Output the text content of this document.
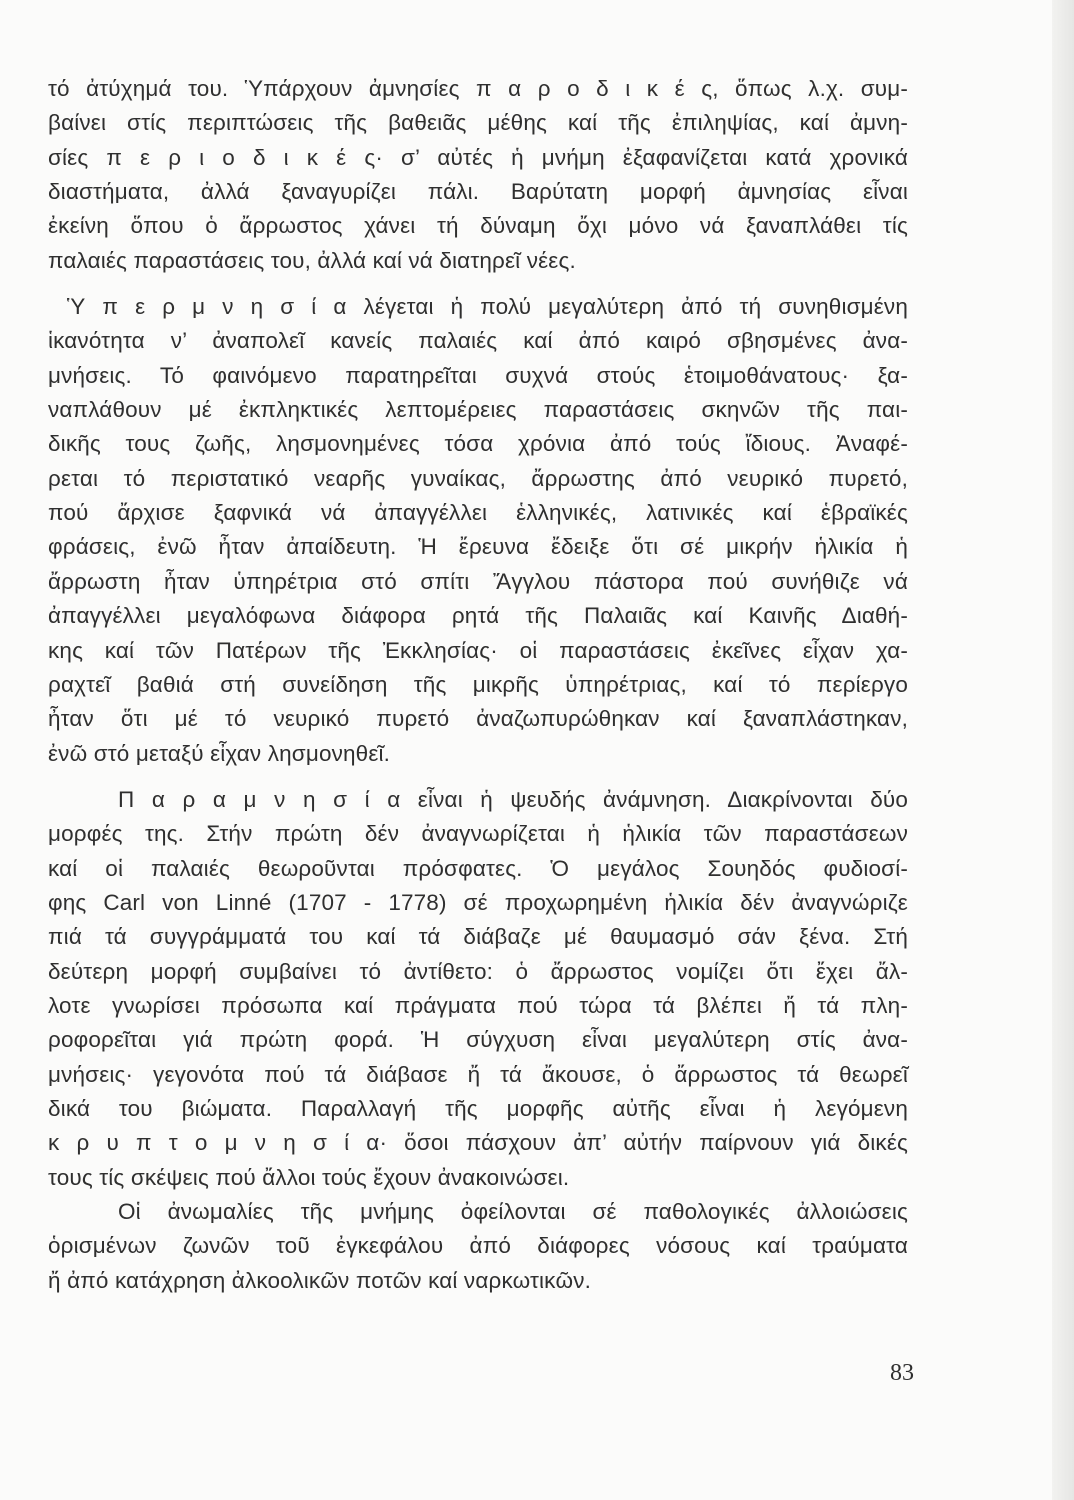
τό ἀτύχημά του. Ὑπάρχουν ἀμνησίες π α ρ ο δ ι κ έ ς, ὅπως λ.χ. συμ-
βαίνει στίς περιπτώσεις τῆς βαθειᾶς μέθης καί τῆς ἐπιληψίας, καί ἀμνη-
σίες π ε ρ ι ο δ ι κ έ ς· σ’ αὐτές ἡ μνήμη ἐξαφανίζεται κατά χρονικά
διαστήματα, ἀλλά ξαναγυρίζει πάλι. Βαρύτατη μορφή ἀμνησίας εἶναι
ἐκείνη ὅπου ὁ ἄρρωστος χάνει τή δύναμη ὄχι μόνο νά ξαναπλάθει τίς
παλαιές παραστάσεις του, ἀλλά καί νά διατηρεῖ νέες.
Ὑ π ε ρ μ ν η σ ί α λέγεται ἡ πολύ μεγαλύτερη ἀπό τή συνηθισμένη
ἱκανότητα ν’ ἀναπολεῖ κανείς παλαιές καί ἀπό καιρό σβησμένες ἀνα-
μνήσεις. Τό φαινόμενο παρατηρεῖται συχνά στούς ἑτοιμοθάνατους· ξα-
ναπλάθουν μέ ἐκπληκτικές λεπτομέρειες παραστάσεις σκηνῶν τῆς παι-
δικῆς τους ζωῆς, λησμονημένες τόσα χρόνια ἀπό τούς ἴδιους. Ἀναφέ-
ρεται τό περιστατικό νεαρῆς γυναίκας, ἄρρωστης ἀπό νευρικό πυρετό,
πού ἄρχισε ξαφνικά νά ἀπαγγέλλει ἑλληνικές, λατινικές καί ἑβραϊκές
φράσεις, ἐνῶ ἦταν ἀπαίδευτη. Ἡ ἔρευνα ἔδειξε ὅτι σέ μικρήν ἡλικία ἡ
ἄρρωστη ἦταν ὑπηρέτρια στό σπίτι Ἄγγλου πάστορα πού συνήθιζε νά
ἀπαγγέλλει μεγαλόφωνα διάφορα ρητά τῆς Παλαιᾶς καί Καινῆς Διαθή-
κης καί τῶν Πατέρων τῆς Ἐκκλησίας· οἱ παραστάσεις ἐκεῖνες εἶχαν χα-
ραχτεῖ βαθιά στή συνείδηση τῆς μικρῆς ὑπηρέτριας, καί τό περίεργο
ἦταν ὅτι μέ τό νευρικό πυρετό ἀναζωπυρώθηκαν καί ξαναπλάστηκαν,
ἐνῶ στό μεταξύ εἶχαν λησμονηθεῖ.
Π α ρ α μ ν η σ ί α εἶναι ἡ ψευδής ἀνάμνηση. Διακρίνονται δύο
μορφές της. Στήν πρώτη δέν ἀναγνωρίζεται ἡ ἡλικία τῶν παραστάσεων
καί οἱ παλαιές θεωροῦνται πρόσφατες. Ὁ μεγάλος Σουηδός φυδιοσί-
φης Carl von Linné (1707 - 1778) σέ προχωρημένη ἡλικία δέν ἀναγνώριζε
πιά τά συγγράμματά του καί τά διάβαζε μέ θαυμασμό σάν ξένα. Στή
δεύτερη μορφή συμβαίνει τό ἀντίθετο: ὁ ἄρρωστος νομίζει ὅτι ἔχει ἄλ-
λοτε γνωρίσει πρόσωπα καί πράγματα πού τώρα τά βλέπει ἤ τά πλη-
ροφορεῖται γιά πρώτη φορά. Ἡ σύγχυση εἶναι μεγαλύτερη στίς ἀνα-
μνήσεις· γεγονότα πού τά διάβασε ἤ τά ἄκουσε, ὁ ἄρρωστος τά θεωρεῖ
δικά του βιώματα. Παραλλαγή τῆς μορφῆς αὐτῆς εἶναι ἡ λεγόμενη
κ ρ υ π τ ο μ ν η σ ί α· ὅσοι πάσχουν ἀπ’ αὐτήν παίρνουν γιά δικές
τους τίς σκέψεις πού ἄλλοι τούς ἔχουν ἀνακοινώσει.
Οἱ ἀνωμαλίες τῆς μνήμης ὀφείλονται σέ παθολογικές ἀλλοιώσεις
ὁρισμένων ζωνῶν τοῦ ἐγκεφάλου ἀπό διάφορες νόσους καί τραύματα
ἤ ἀπό κατάχρηση ἀλκοολικῶν ποτῶν καί ναρκωτικῶν.
83
